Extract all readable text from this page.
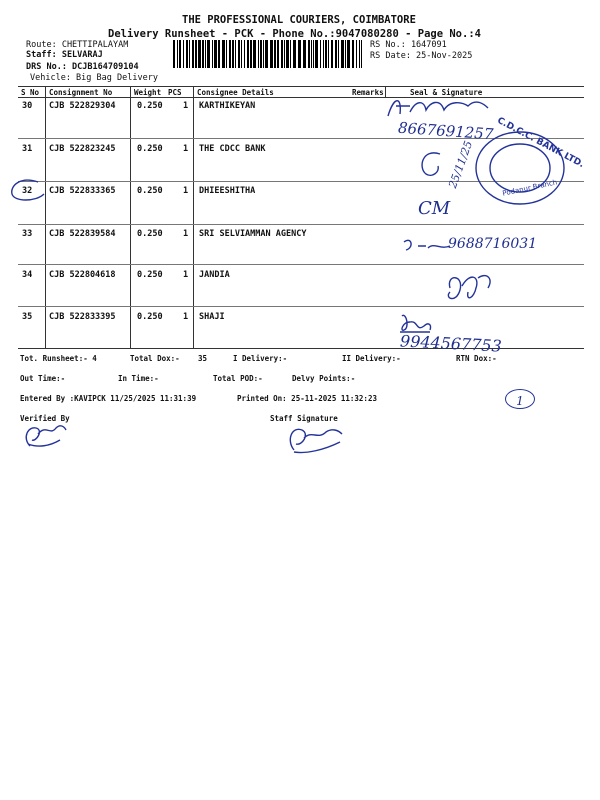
THE PROFESSIONAL COURIERS, COIMBATORE
Delivery Runsheet - PCK - Phone No.:9047080280 - Page No.:4
Route: CHETTIPALAYAM
Staff: SELVARAJ
DRS No.: DCJB164709104
Vehicle: Big Bag Delivery
RS No.: 1647091
RS Date: 25-Nov-2025
S No Consignment No	Weight PCS Consignee Details	Remarks	Seal & Signature
30 CJB 522829304	0.250 1 KARTHIKEYAN
31 CJB 522823245	0.250 1 THE CDCC BANK
32 CJB 522833365	0.250 1 DHIEESHITHA
33 CJB 522839584	0.250 1 SRI SELVIAMMAN AGENCY
34 CJB 522804618	0.250 1 JANDIA
35 CJB 522833395	0.250 1 SHAJI
Tot. Runsheet:- 4	Total Dox:- 35	I Delivery:-	II Delivery:-	RTN Dox:-
Out Time:-	In Time:-	Total POD:-	Delvy Points:-
Entered By :KAVIPCK 11/25/2025 11:31:39	Printed On: 25-11-2025 11:32:23
Verified By	Staff Signature
8667691257
25/11/25 C.D.C.C. BANK LTD.
Podanur Branch
CM
9688716031
9944567753
1
